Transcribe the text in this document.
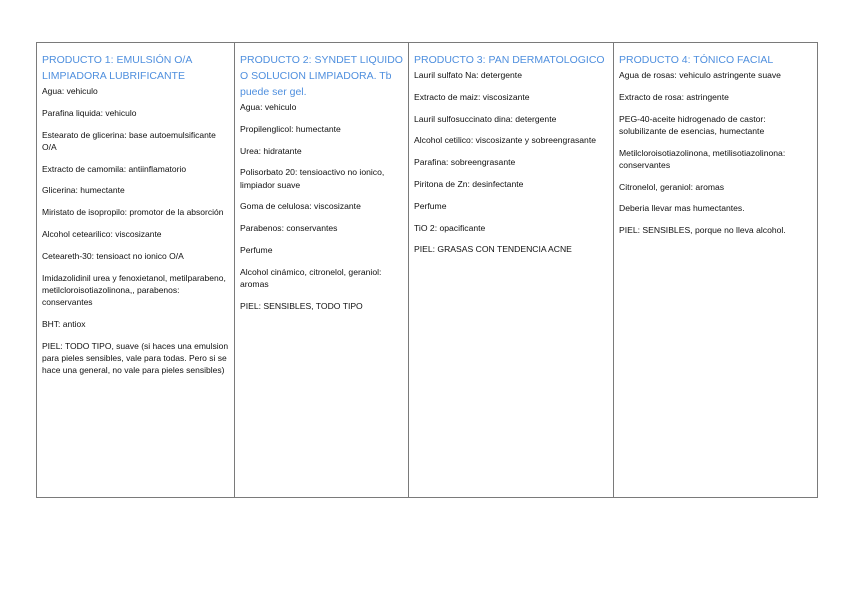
PRODUCTO 1: EMULSIÓN O/A LIMPIADORA LUBRIFICANTE
Agua: vehiculo
Parafina liquida: vehiculo
Estearato de glicerina: base autoemulsificante O/A
Extracto de camomila: antiinflamatorio
Glicerina: humectante
Miristato de isopropilo: promotor de la absorción
Alcohol cetearilico: viscosizante
Ceteareth-30: tensioact no ionico O/A
Imidazolidinil urea y fenoxietanol, metilparabeno, metilcloroisotiazolinona,, parabenos: conservantes
BHT: antiox
PIEL: TODO TIPO, suave (si haces una emulsion para pieles sensibles, vale para todas. Pero si se hace una general, no vale para pieles sensibles)
PRODUCTO 2: SYNDET LIQUIDO O SOLUCION LIMPIADORA. Tb puede ser gel.
Agua: vehiculo
Propilenglicol: humectante
Urea: hidratante
Polisorbato 20: tensioactivo no ionico, limpiador suave
Goma de celulosa: viscosizante
Parabenos: conservantes
Perfume
Alcohol cinámico, citronelol, geraniol: aromas
PIEL: SENSIBLES, TODO TIPO
PRODUCTO 3: PAN DERMATOLOGICO
Lauril sulfato Na: detergente
Extracto de maiz: viscosizante
Lauril sulfosuccinato dina: detergente
Alcohol cetilico: viscosizante y sobreengrasante
Parafina: sobreengrasante
Piritona de Zn: desinfectante
Perfume
TiO 2: opacificante
PIEL: GRASAS CON TENDENCIA ACNE
PRODUCTO 4: TÓNICO FACIAL
Agua de rosas: vehiculo astringente suave
Extracto de rosa: astringente
PEG-40-aceite hidrogenado de castor: solubilizante de esencias, humectante
Metilcloroisotiazolinona, metilisotiazolinona: conservantes
Citronelol, geraniol: aromas
Deberia llevar mas humectantes.
PIEL: SENSIBLES, porque no lleva alcohol.
